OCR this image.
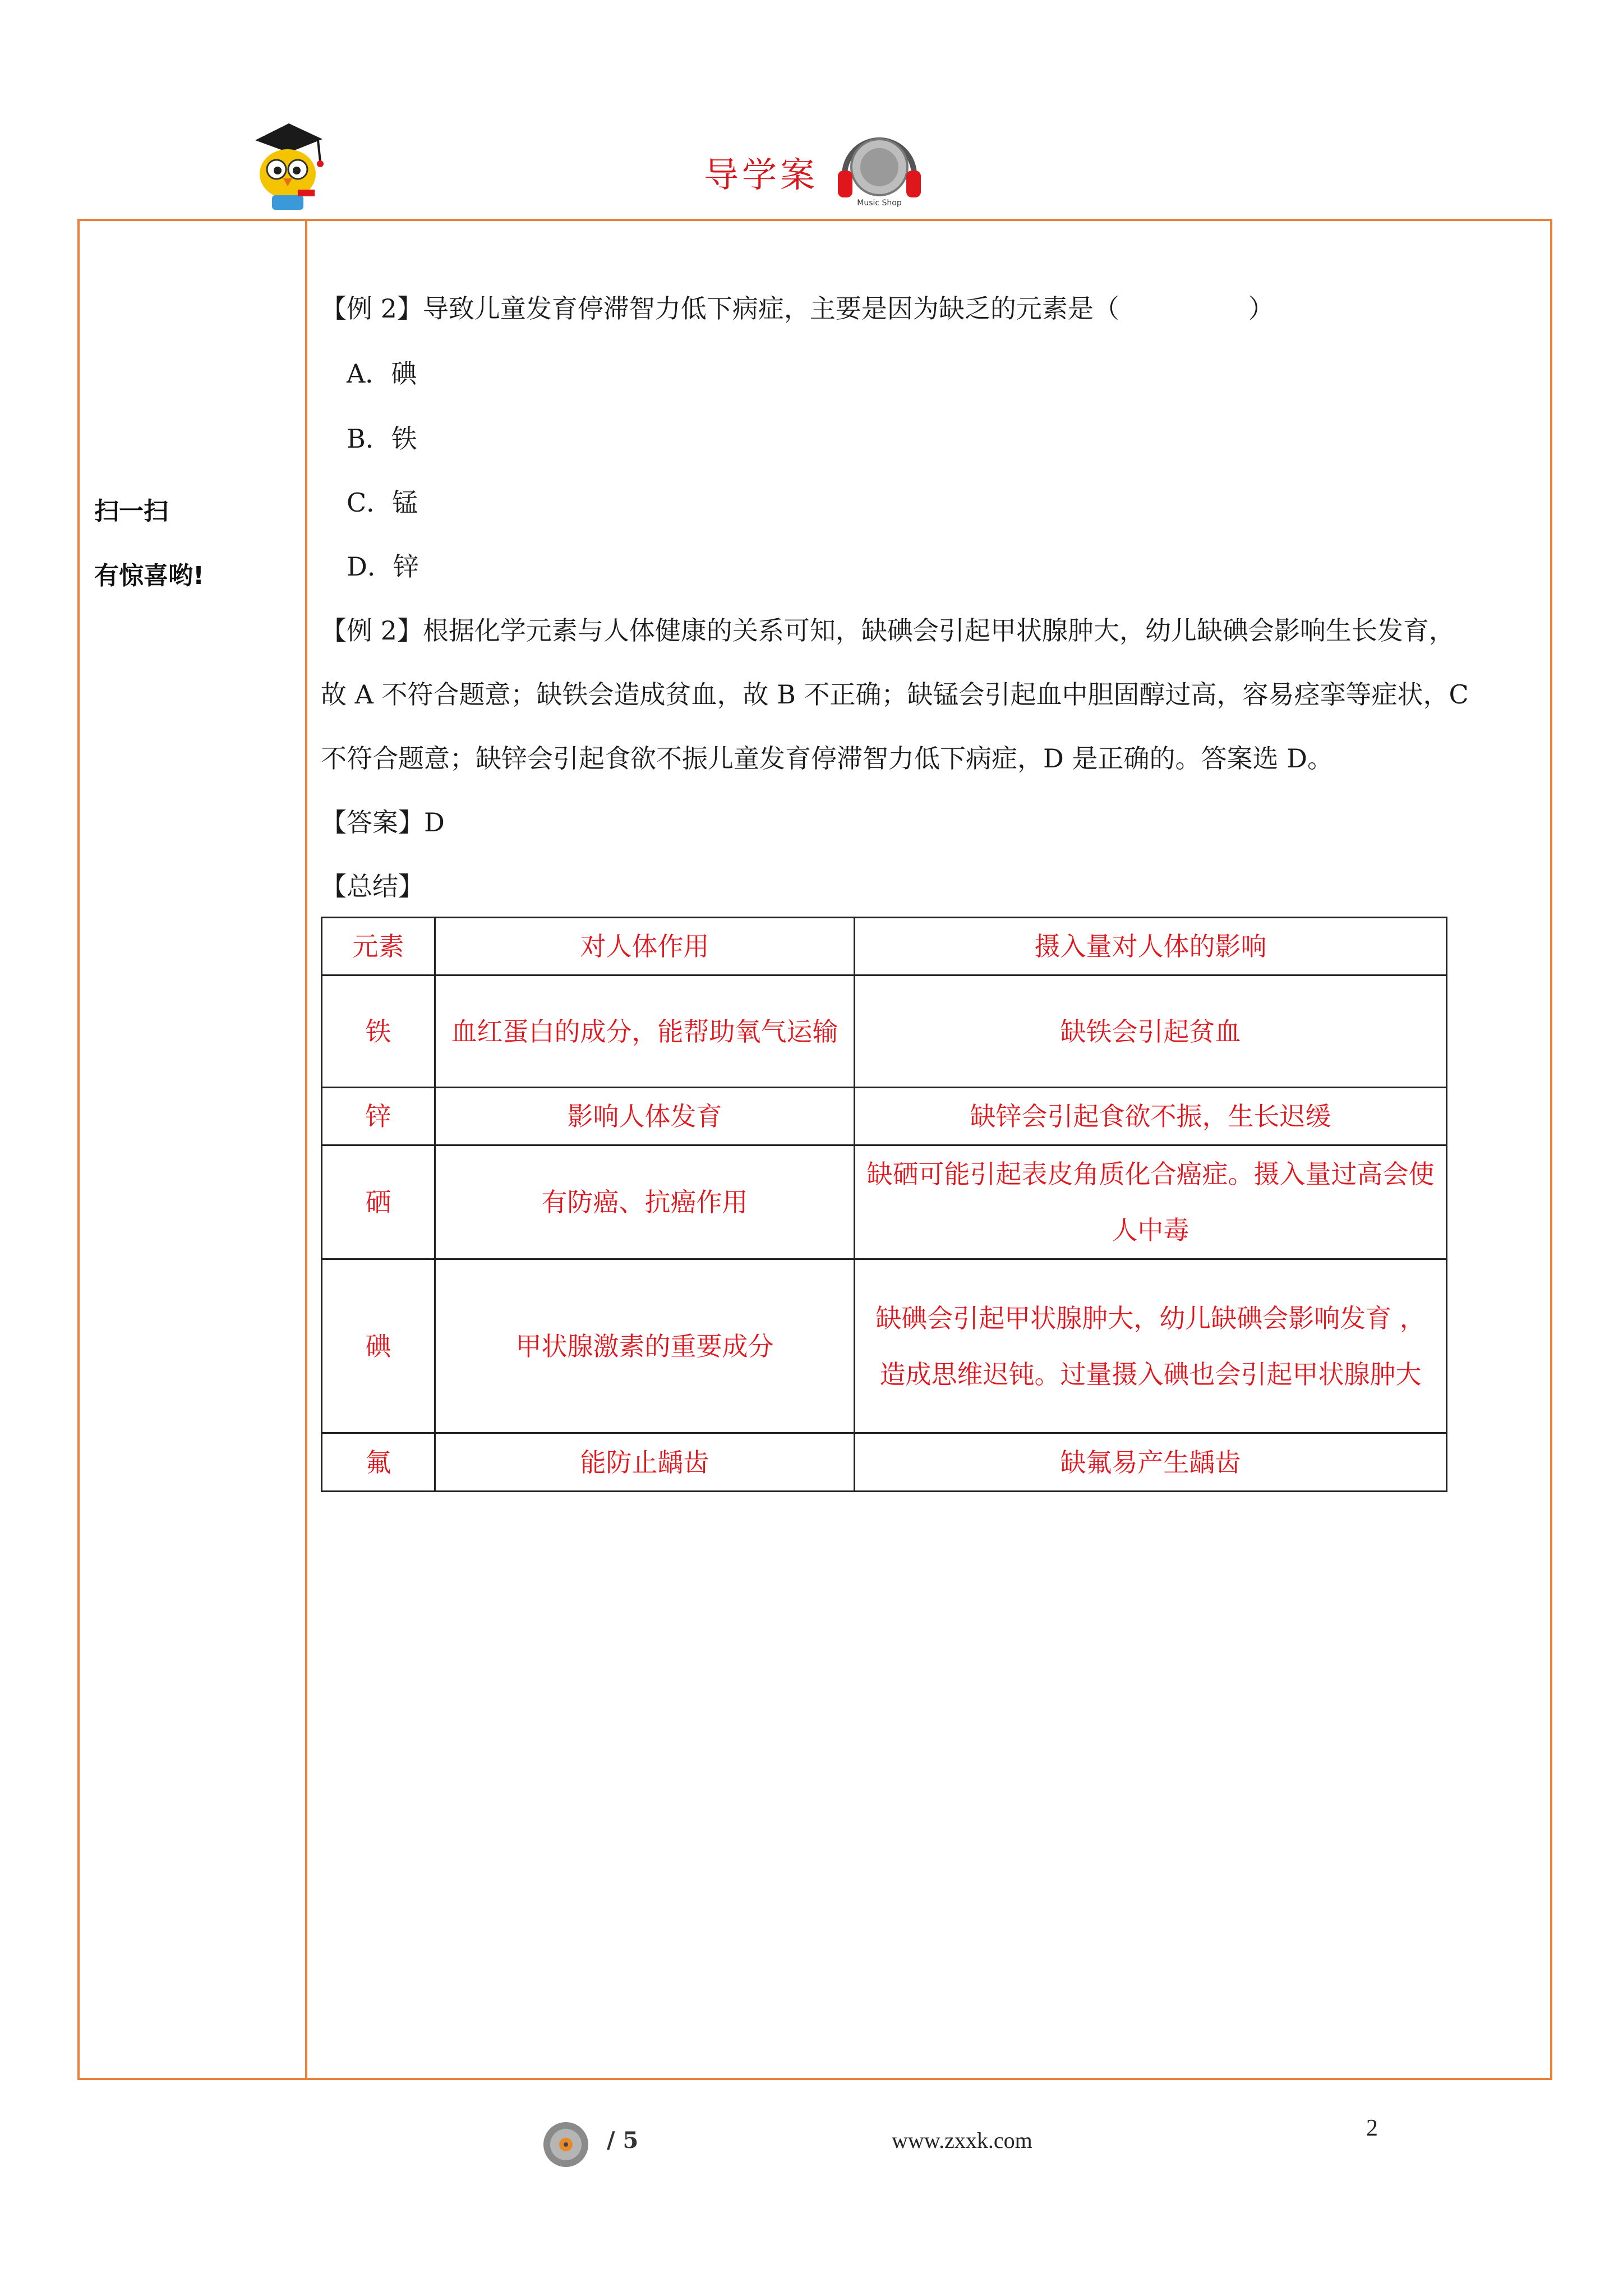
导学案
Music Shop
扫一扫
有惊喜哟!
【例 2】导致儿童发育停滞智力低下病症，主要是因为缺乏的元素是（　　　　　）
A．碘
B．铁
C．锰
D．锌
【例 2】根据化学元素与人体健康的关系可知，缺碘会引起甲状腺肿大，幼儿缺碘会影响生长发育，
故 A 不符合题意；缺铁会造成贫血，故 B 不正确；缺锰会引起血中胆固醇过高，容易痉挛等症状，C
不符合题意；缺锌会引起食欲不振儿童发育停滞智力低下病症，D 是正确的。答案选 D。
【答案】D
【总结】
元素	对人体作用	摄入量对人体的影响
铁	血红蛋白的成分，能帮助氧气运输	缺铁会引起贫血
锌	影响人体发育	缺锌会引起食欲不振，生长迟缓
硒	有防癌、抗癌作用	缺硒可能引起表皮角质化合癌症。摄入量过高会使人中毒
碘	甲状腺激素的重要成分	缺碘会引起甲状腺肿大，幼儿缺碘会影响发育 ，造成思维迟钝。过量摄入碘也会引起甲状腺肿大
氟	能防止龋齿	缺氟易产生龋齿
/ 5	www.zxxk.com	2
